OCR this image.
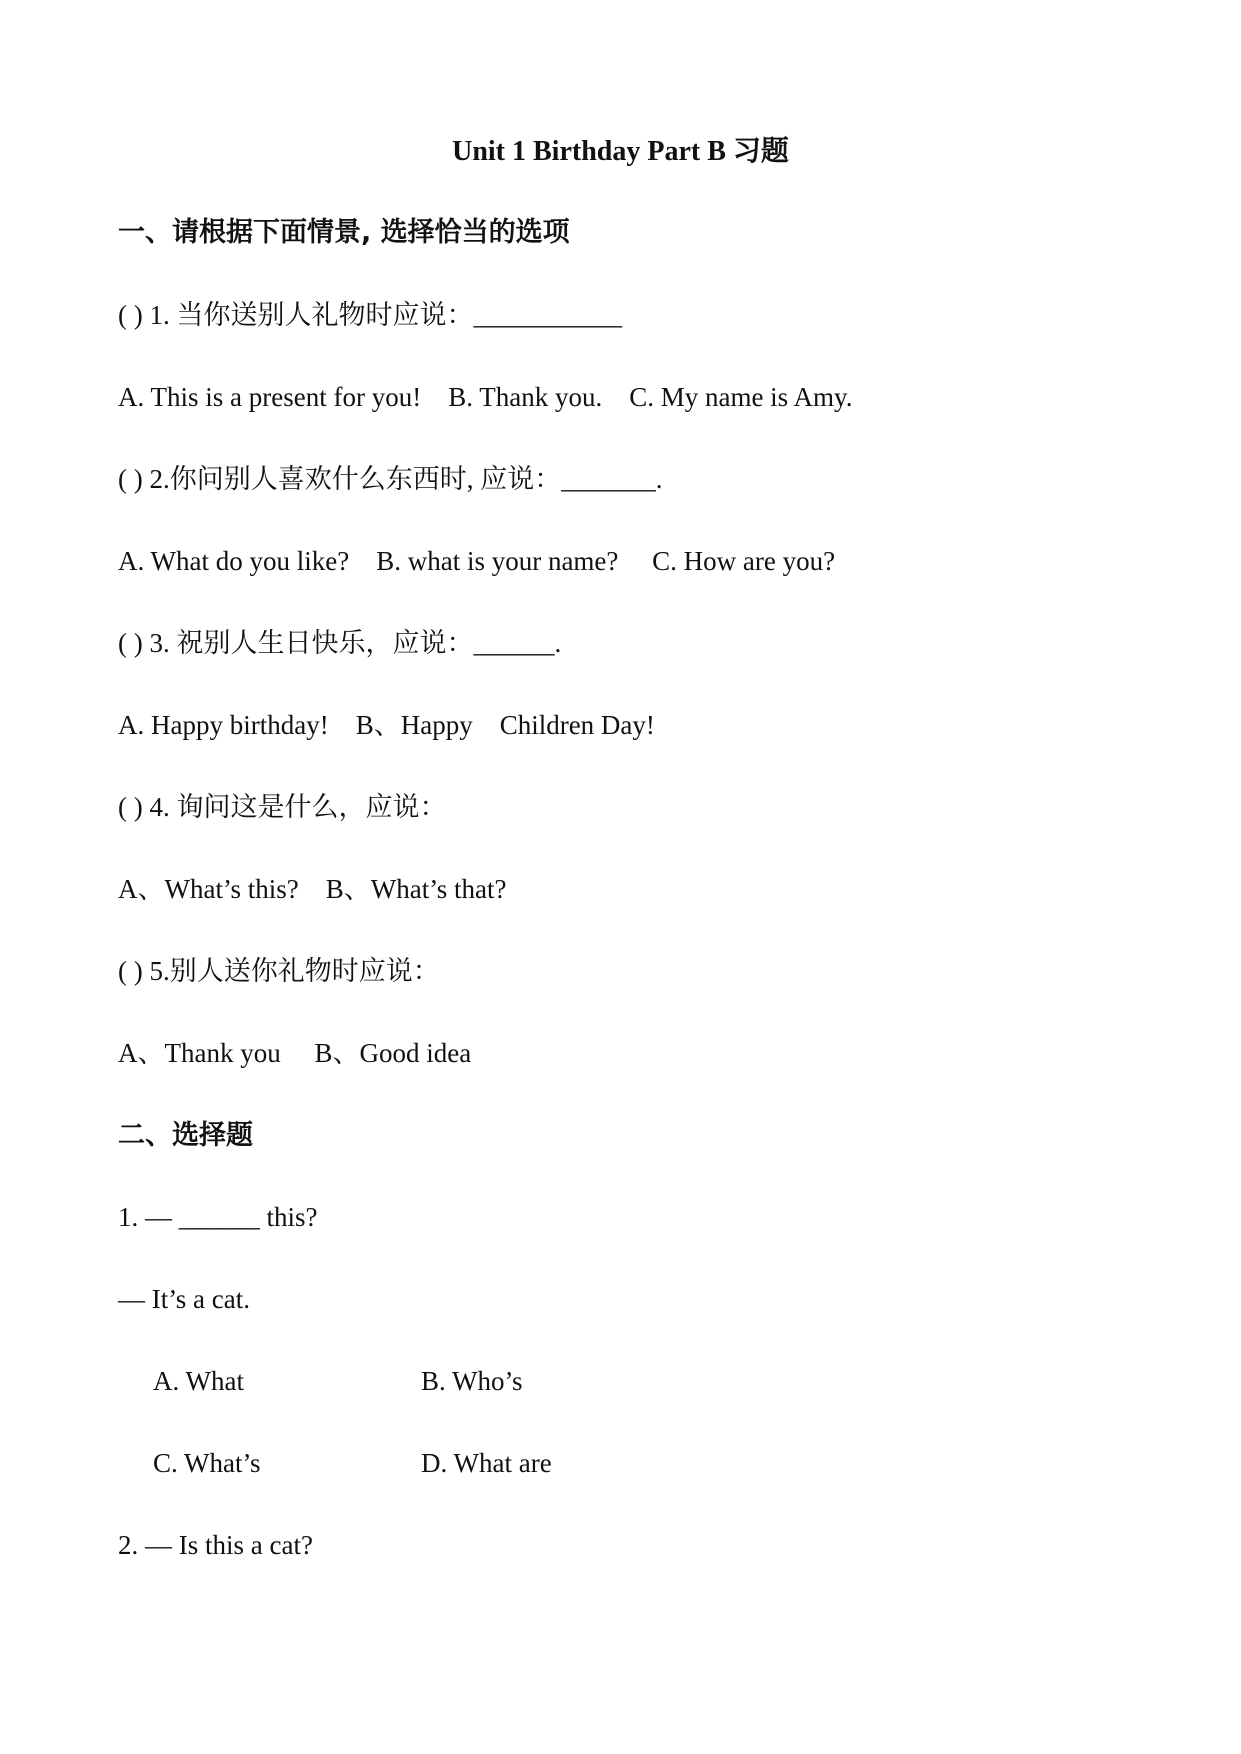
Unit 1 Birthday Part B 习题
一、请根据下面情景, 选择恰当的选项
( ) 1. 当你送别人礼物时应说：___________
A. This is a present for you!    B. Thank you.    C. My name is Amy.
( ) 2.你问别人喜欢什么东西时, 应说：_______.
A. What do you like?    B. what is your name?     C. How are you?
( ) 3. 祝别人生日快乐，应说：______.
A. Happy birthday!    B、Happy    Children Day!
( ) 4. 询问这是什么，应说：
A、What’s this?    B、What’s that?
( ) 5.别人送你礼物时应说：
A、Thank you     B、Good idea
二、选择题
1. — ______ this?
— It’s a cat.
A. What	B. Who’s
C. What’s	D. What are
2. — Is this a cat?
